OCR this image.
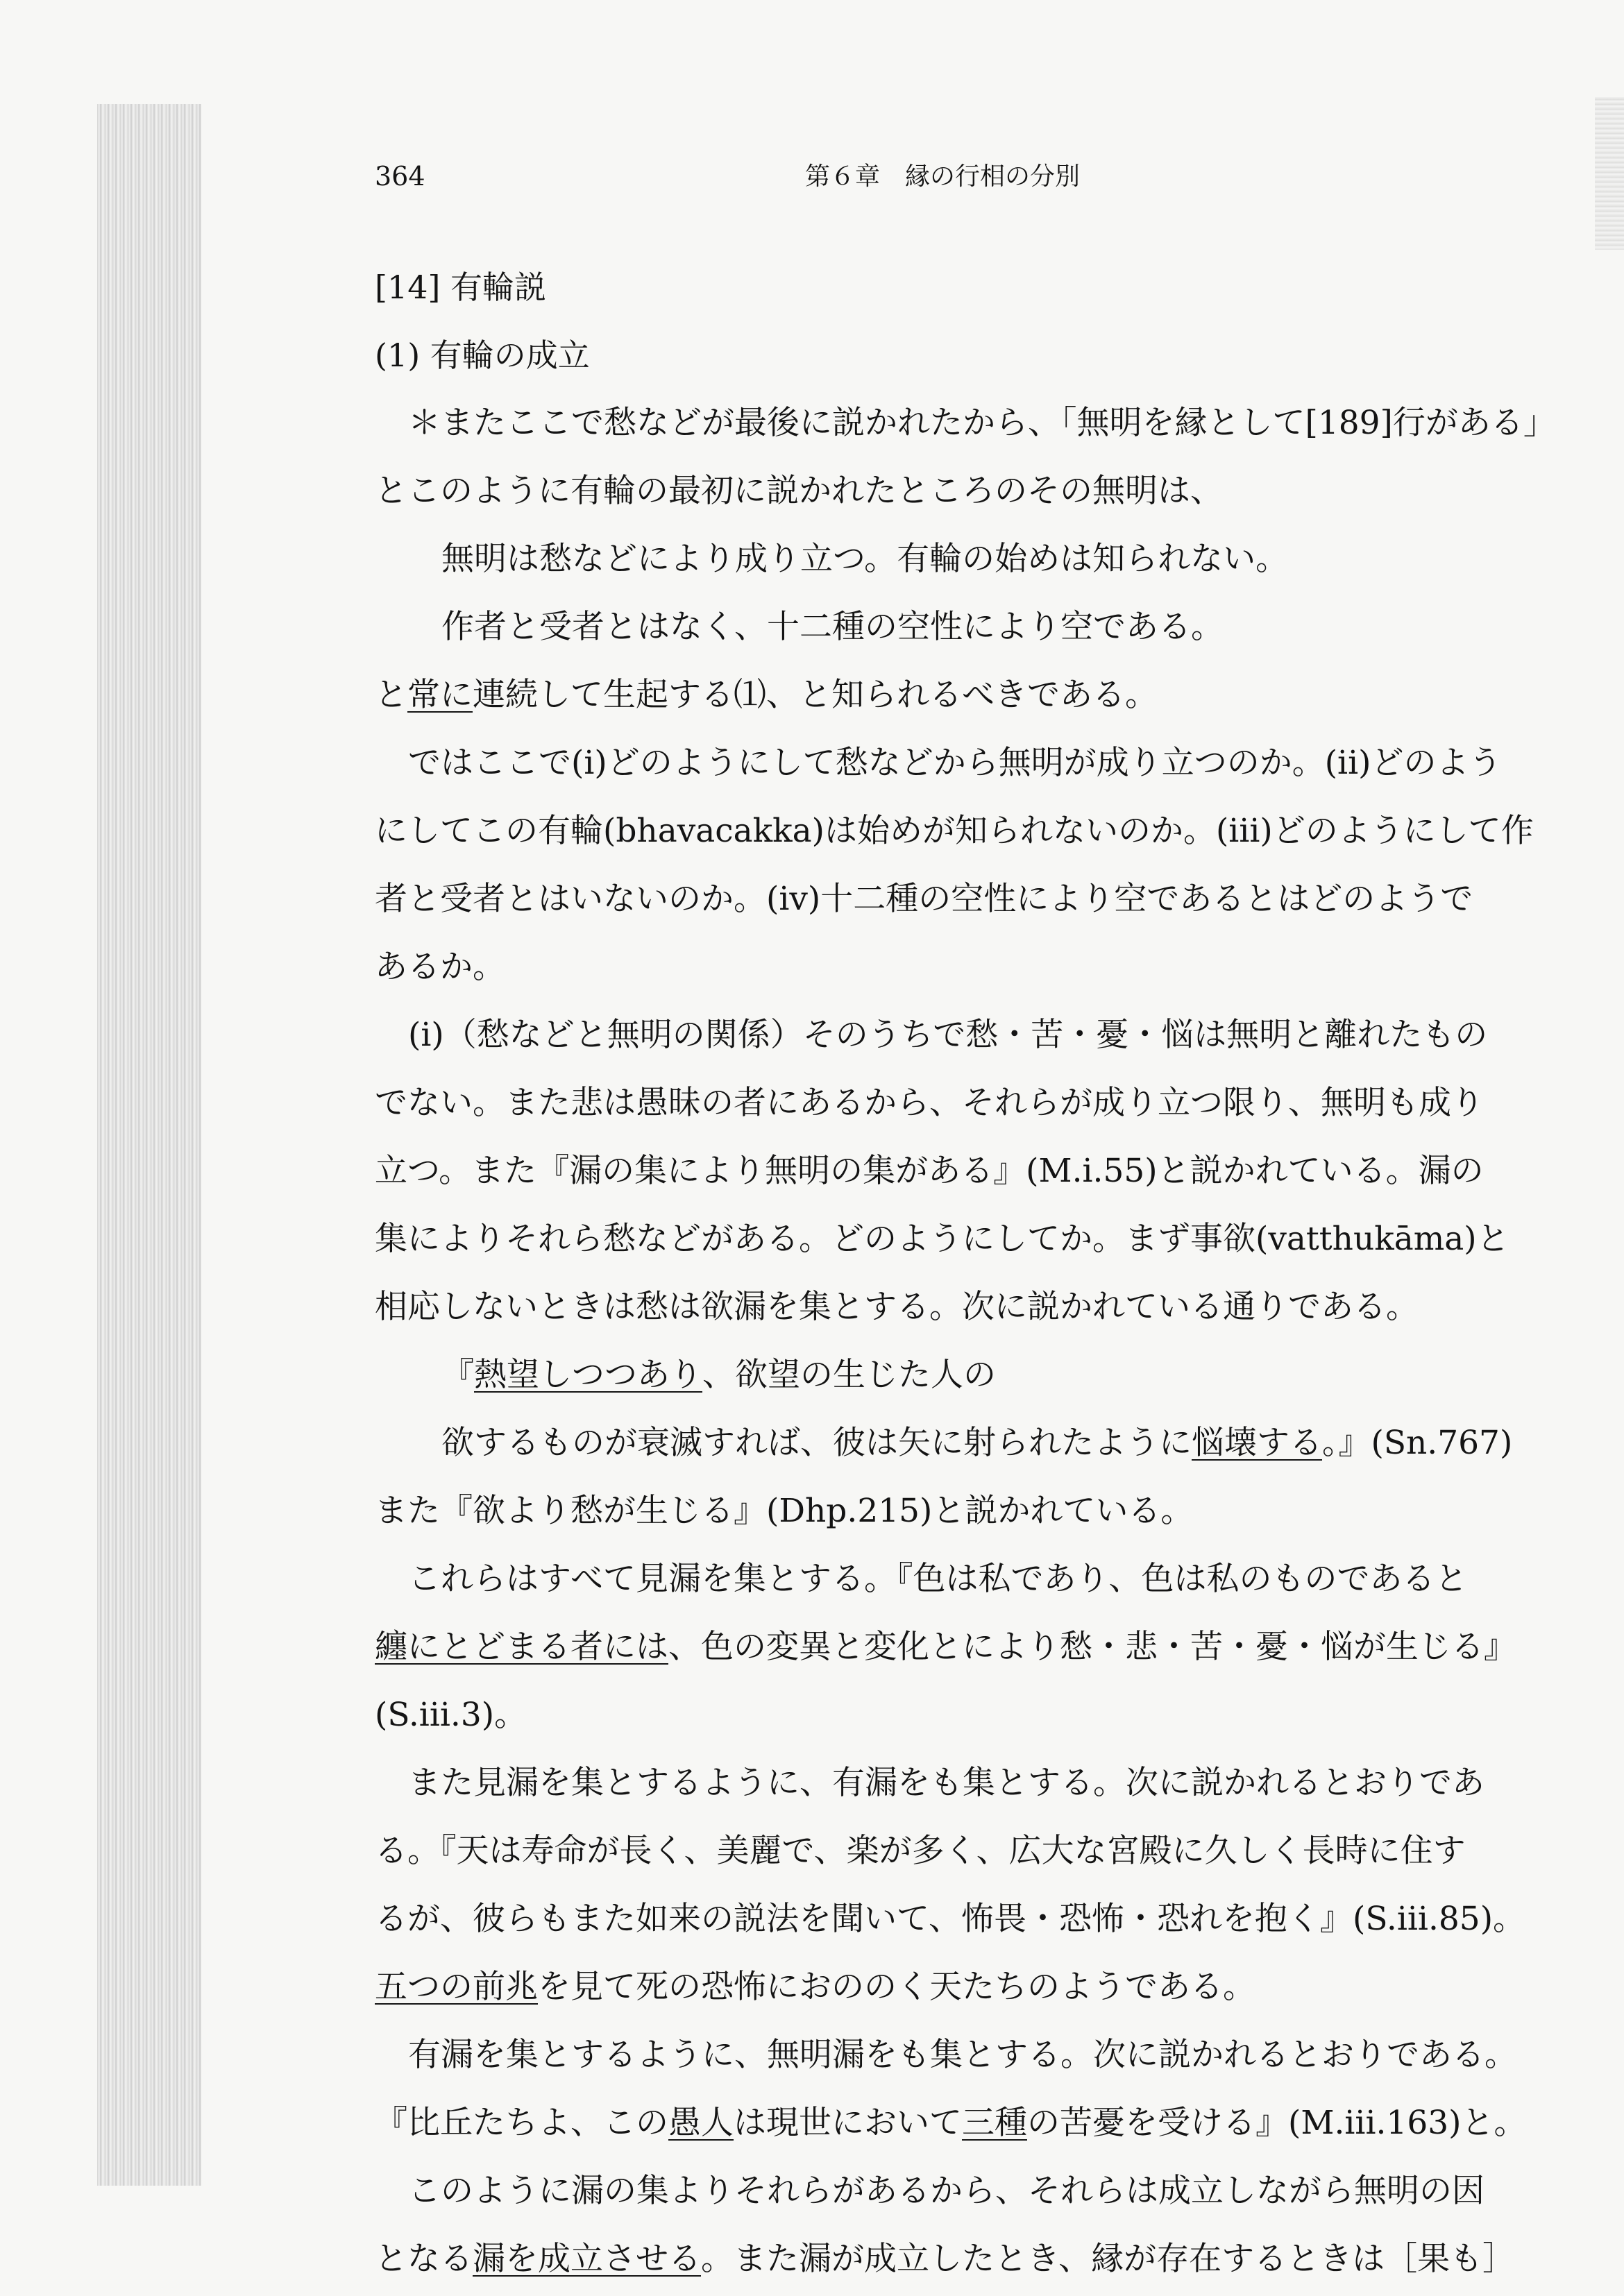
364	第６章　縁の行相の分別
[14] 有輪説
(1) 有輪の成立
＊またここで愁などが最後に説かれたから、「無明を縁として[189]行がある」
とこのように有輪の最初に説かれたところのその無明は、
無明は愁などにより成り立つ。有輪の始めは知られない。
作者と受者とはなく、十二種の空性により空である。
と常に連続して生起する⑴、と知られるべきである。
ではここで(i)どのようにして愁などから無明が成り立つのか。(ii)どのよう
にしてこの有輪(bhavacakka)は始めが知られないのか。(iii)どのようにして作
者と受者とはいないのか。(iv)十二種の空性により空であるとはどのようで
あるか。
(i)（愁などと無明の関係）そのうちで愁・苦・憂・悩は無明と離れたもの
でない。また悲は愚昧の者にあるから、それらが成り立つ限り、無明も成り
立つ。また『漏の集により無明の集がある』(M.i.55)と説かれている。漏の
集によりそれら愁などがある。どのようにしてか。まず事欲(vatthukāma)と
相応しないときは愁は欲漏を集とする。次に説かれている通りである。
『熱望しつつあり、欲望の生じた人の
欲するものが衰滅すれば、彼は矢に射られたように悩壊する。』(Sn.767)
また『欲より愁が生じる』(Dhp.215)と説かれている。
これらはすべて見漏を集とする。『色は私であり、色は私のものであると
纏にとどまる者には、色の変異と変化とにより愁・悲・苦・憂・悩が生じる』
(S.iii.3)。
また見漏を集とするように、有漏をも集とする。次に説かれるとおりであ
る。『天は寿命が長く、美麗で、楽が多く、広大な宮殿に久しく長時に住す
るが、彼らもまた如来の説法を聞いて、怖畏・恐怖・恐れを抱く』(S.iii.85)。
五つの前兆を見て死の恐怖におののく天たちのようである。
有漏を集とするように、無明漏をも集とする。次に説かれるとおりである。
『比丘たちよ、この愚人は現世において三種の苦憂を受ける』(M.iii.163)と。
このように漏の集よりそれらがあるから、それらは成立しながら無明の因
となる漏を成立させる。また漏が成立したとき、縁が存在するときは［果も］
